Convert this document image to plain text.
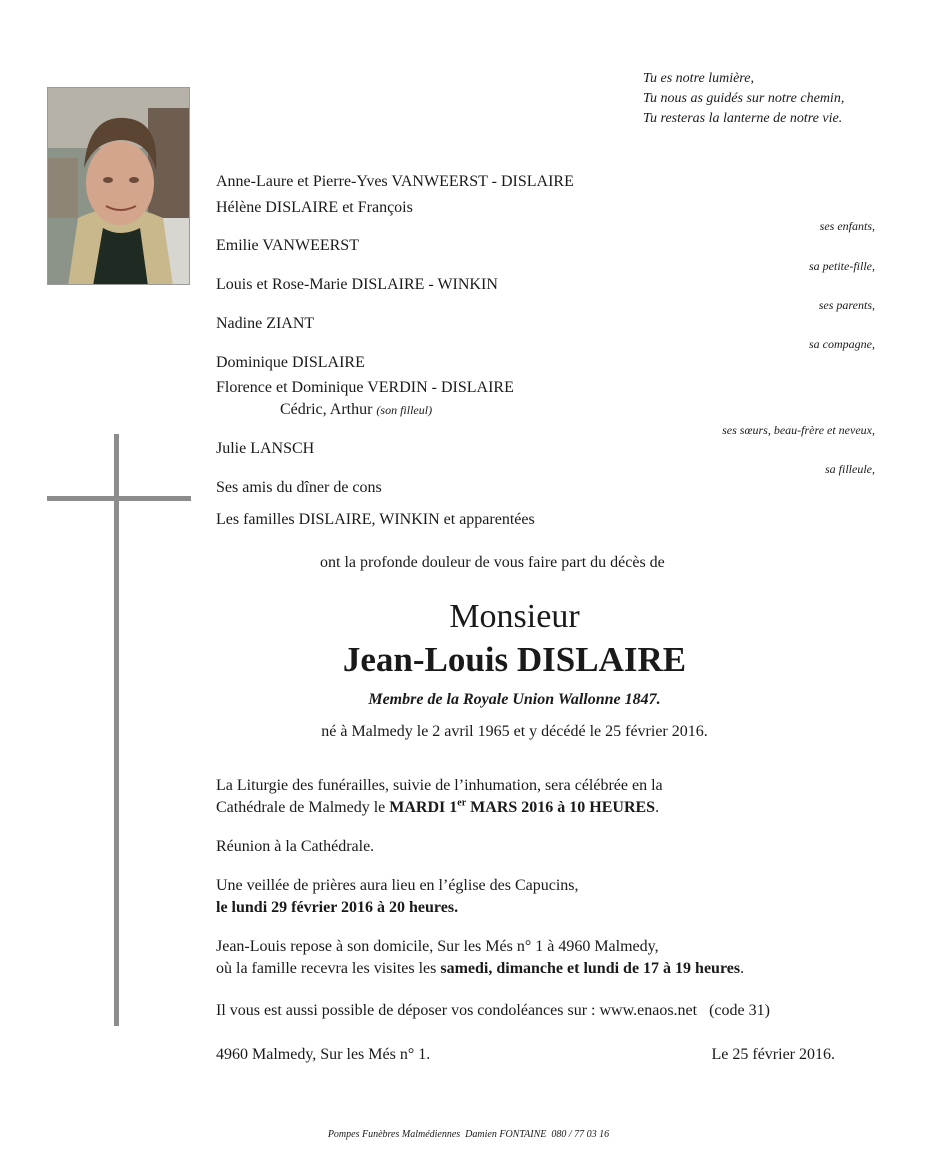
Tu es notre lumière,
Tu nous as guidés sur notre chemin,
Tu resteras la lanterne de notre vie.
Anne-Laure et Pierre-Yves VANWEERST - DISLAIRE
Hélène DISLAIRE et François
ses enfants,
Emilie VANWEERST
sa petite-fille,
Louis et Rose-Marie DISLAIRE - WINKIN
ses parents,
Nadine ZIANT
sa compagne,
Dominique DISLAIRE
Florence et Dominique VERDIN - DISLAIRE
Cédric, Arthur (son filleul)
ses sœurs, beau-frère et neveux,
Julie LANSCH
sa filleule,
Ses amis du dîner de cons
Les familles DISLAIRE, WINKIN et apparentées
ont la profonde douleur de vous faire part du décès de
Monsieur
Jean-Louis DISLAIRE
Membre de la Royale Union Wallonne 1847.
né à Malmedy le 2 avril 1965 et y décédé le 25 février 2016.
La Liturgie des funérailles, suivie de l’inhumation, sera célébrée en la
Cathédrale de Malmedy le MARDI 1er MARS 2016 à 10 HEURES.
Réunion à la Cathédrale.
Une veillée de prières aura lieu en l’église des Capucins,
le lundi 29 février 2016 à 20 heures.
Jean-Louis repose à son domicile, Sur les Més n° 1 à 4960 Malmedy,
où la famille recevra les visites les samedi, dimanche et lundi de 17 à 19 heures.
Il vous est aussi possible de déposer vos condoléances sur : www.enaos.net   (code 31)
4960 Malmedy, Sur les Més n° 1.	Le 25 février 2016.
Pompes Funèbres Malmédiennes  Damien FONTAINE  080 / 77 03 16
